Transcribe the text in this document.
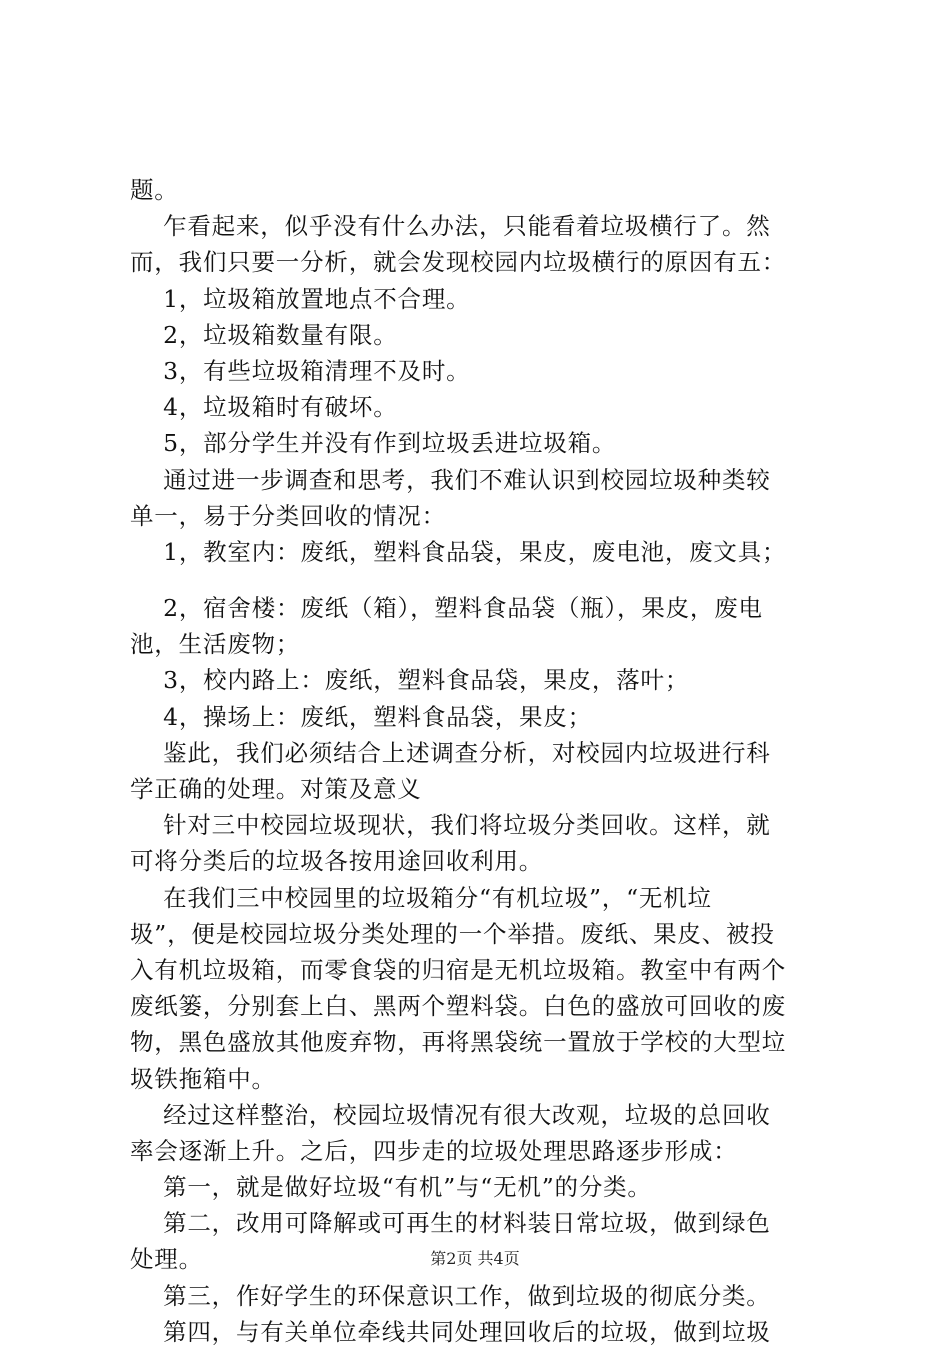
题。
乍看起来，似乎没有什么办法，只能看着垃圾横行了。然
而，我们只要一分析，就会发现校园内垃圾横行的原因有五：
1，垃圾箱放置地点不合理。
2，垃圾箱数量有限。
3，有些垃圾箱清理不及时。
4，垃圾箱时有破坏。
5，部分学生并没有作到垃圾丢进垃圾箱。
通过进一步调查和思考，我们不难认识到校园垃圾种类较
单一，易于分类回收的情况：
1，教室内：废纸，塑料食品袋，果皮，废电池，废文具；
2，宿舍楼：废纸（箱），塑料食品袋（瓶），果皮，废电
池，生活废物；
3，校内路上：废纸，塑料食品袋，果皮，落叶；
4，操场上：废纸，塑料食品袋，果皮；
鉴此，我们必须结合上述调查分析，对校园内垃圾进行科
学正确的处理。对策及意义
针对三中校园垃圾现状，我们将垃圾分类回收。这样，就
可将分类后的垃圾各按用途回收利用。
在我们三中校园里的垃圾箱分“有机垃圾”，“无机垃
圾”，便是校园垃圾分类处理的一个举措。废纸、果皮、被投
入有机垃圾箱，而零食袋的归宿是无机垃圾箱。教室中有两个
废纸篓，分别套上白、黑两个塑料袋。白色的盛放可回收的废
物，黑色盛放其他废弃物，再将黑袋统一置放于学校的大型垃
圾铁拖箱中。
经过这样整治，校园垃圾情况有很大改观，垃圾的总回收
率会逐渐上升。之后，四步走的垃圾处理思路逐步形成：
第一，就是做好垃圾“有机”与“无机”的分类。
第二，改用可降解或可再生的材料装日常垃圾，做到绿色
处理。
第三，作好学生的环保意识工作，做到垃圾的彻底分类。
第四，与有关单位牵线共同处理回收后的垃圾，做到垃圾
第2页 共4页
